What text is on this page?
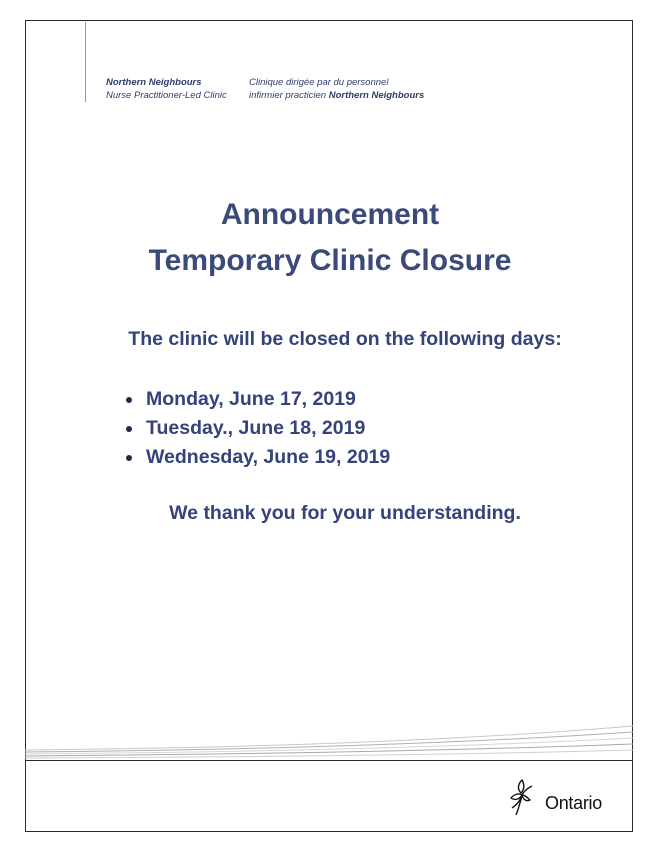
Northern Neighbours
Nurse Practitioner-Led Clinic
Clinique dirigée par du personnel
infirmier practicien Northern Neighbours
Announcement
Temporary Clinic Closure
The clinic will be closed on the following days:
Monday, June 17, 2019
Tuesday., June 18, 2019
Wednesday, June 19, 2019
We thank you for your understanding.
Ontario
